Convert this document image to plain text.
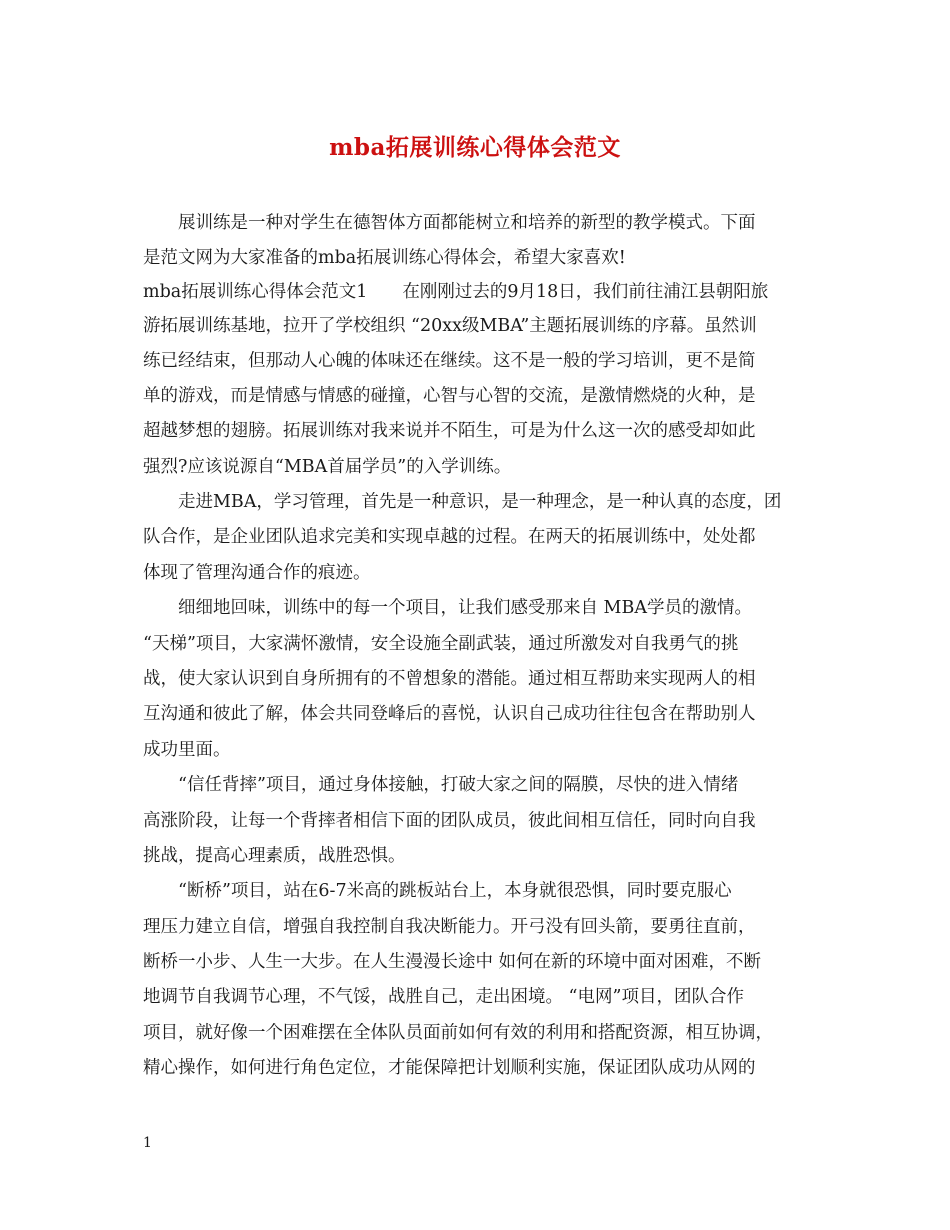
mba拓展训练心得体会范文
展训练是一种对学生在德智体方面都能树立和培养的新型的教学模式。下面
是范文网为大家准备的mba拓展训练心得体会，希望大家喜欢!
mba拓展训练心得体会范文1　　在刚刚过去的9月18日，我们前往浦江县朝阳旅
游拓展训练基地，拉开了学校组织 “20xx级MBA”主题拓展训练的序幕。虽然训
练已经结束，但那动人心魄的体味还在继续。这不是一般的学习培训，更不是简
单的游戏，而是情感与情感的碰撞，心智与心智的交流，是激情燃烧的火种，是
超越梦想的翅膀。拓展训练对我来说并不陌生，可是为什么这一次的感受却如此
强烈?应该说源自“MBA首届学员”的入学训练。
走进MBA，学习管理，首先是一种意识，是一种理念，是一种认真的态度，团
队合作，是企业团队追求完美和实现卓越的过程。在两天的拓展训练中，处处都
体现了管理沟通合作的痕迹。
细细地回味，训练中的每一个项目，让我们感受那来自 MBA学员的激情。
“天梯”项目，大家满怀激情，安全设施全副武装，通过所激发对自我勇气的挑
战，使大家认识到自身所拥有的不曾想象的潜能。通过相互帮助来实现两人的相
互沟通和彼此了解，体会共同登峰后的喜悦，认识自己成功往往包含在帮助别人
成功里面。
“信任背摔”项目，通过身体接触，打破大家之间的隔膜，尽快的进入情绪
高涨阶段，让每一个背摔者相信下面的团队成员，彼此间相互信任，同时向自我
挑战，提高心理素质，战胜恐惧。
“断桥”项目，站在6-7米高的跳板站台上，本身就很恐惧，同时要克服心
理压力建立自信，增强自我控制自我决断能力。开弓没有回头箭，要勇往直前，
断桥一小步、人生一大步。在人生漫漫长途中 如何在新的环境中面对困难，不断
地调节自我调节心理，不气馁，战胜自己，走出困境。 “电网”项目，团队合作
项目，就好像一个困难摆在全体队员面前如何有效的利用和搭配资源，相互协调，
精心操作，如何进行角色定位，才能保障把计划顺利实施，保证团队成功从网的
1
